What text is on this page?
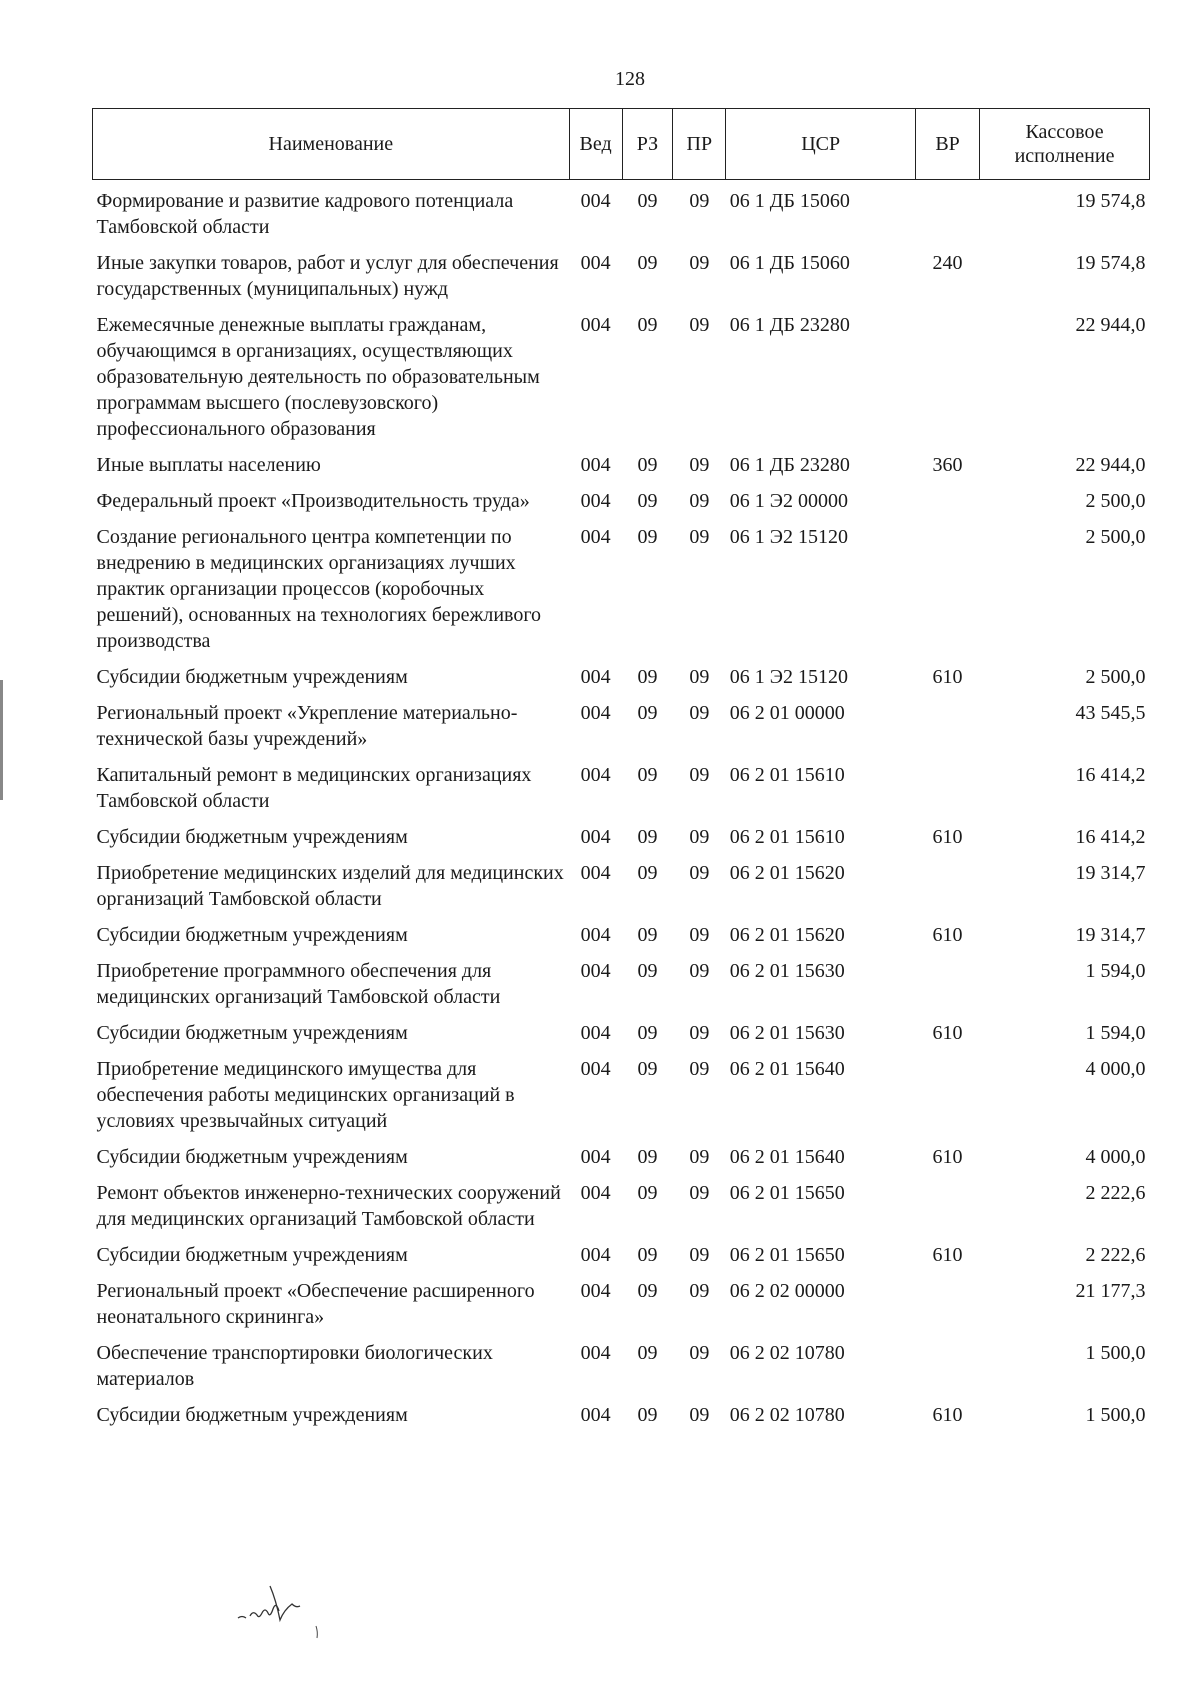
128
Наименование	Вед	РЗ	ПР	ЦСР	ВР	Кассовое
исполнение
Формирование и развитие кадрового потенциала Тамбовской области	004	09	09	06 1 ДБ 15060		19 574,8
Иные закупки товаров, работ и услуг для обеспечения государственных (муниципальных) нужд	004	09	09	06 1 ДБ 15060	240	19 574,8
Ежемесячные денежные выплаты гражданам, обучающимся в организациях, осуществляющих образовательную деятельность по образовательным программам высшего (послевузовского) профессионального образования	004	09	09	06 1 ДБ 23280		22 944,0
Иные выплаты населению	004	09	09	06 1 ДБ 23280	360	22 944,0
Федеральный проект «Производительность труда»	004	09	09	06 1 Э2 00000		2 500,0
Создание регионального центра компетенции по внедрению в медицинских организациях лучших практик организации процессов (коробочных решений), основанных на технологиях бережливого производства	004	09	09	06 1 Э2 15120		2 500,0
Субсидии бюджетным учреждениям	004	09	09	06 1 Э2 15120	610	2 500,0
Региональный проект «Укрепление материально-технической базы учреждений»	004	09	09	06 2 01 00000		43 545,5
Капитальный ремонт в медицинских организациях Тамбовской области	004	09	09	06 2 01 15610		16 414,2
Субсидии бюджетным учреждениям	004	09	09	06 2 01 15610	610	16 414,2
Приобретение медицинских изделий для медицинских организаций Тамбовской области	004	09	09	06 2 01 15620		19 314,7
Субсидии бюджетным учреждениям	004	09	09	06 2 01 15620	610	19 314,7
Приобретение программного обеспечения для медицинских организаций Тамбовской области	004	09	09	06 2 01 15630		1 594,0
Субсидии бюджетным учреждениям	004	09	09	06 2 01 15630	610	1 594,0
Приобретение медицинского имущества для обеспечения работы медицинских организаций в условиях чрезвычайных ситуаций	004	09	09	06 2 01 15640		4 000,0
Субсидии бюджетным учреждениям	004	09	09	06 2 01 15640	610	4 000,0
Ремонт объектов инженерно-технических сооружений для медицинских организаций Тамбовской области	004	09	09	06 2 01 15650		2 222,6
Субсидии бюджетным учреждениям	004	09	09	06 2 01 15650	610	2 222,6
Региональный проект «Обеспечение расширенного неонатального скрининга»	004	09	09	06 2 02 00000		21 177,3
Обеспечение транспортировки биологических материалов	004	09	09	06 2 02 10780		1 500,0
Субсидии бюджетным учреждениям	004	09	09	06 2 02 10780	610	1 500,0
